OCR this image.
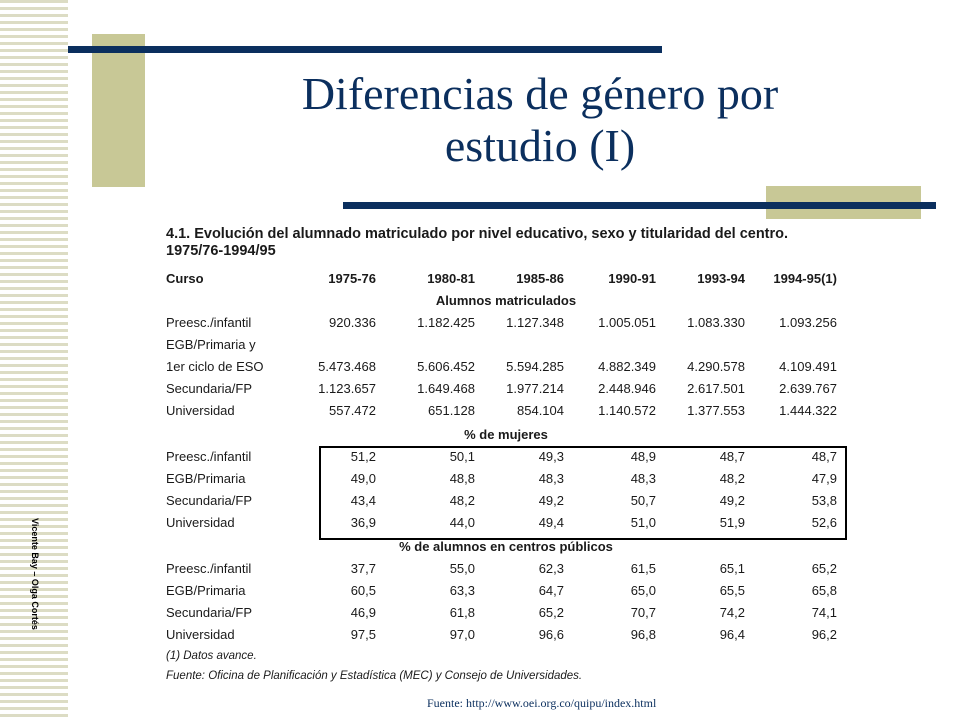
Diferencias de género por
estudio (I)
Vicente Bay – Olga Cortés
4.1. Evolución del alumnado matriculado por nivel educativo, sexo y titularidad del centro. 1975/76-1994/95
Curso	1975-76	1980-81	1985-86	1990-91	1993-94	1994-95(1)
Alumnos matriculados
Preesc./infantil	920.336	1.182.425	1.127.348	1.005.051	1.083.330	1.093.256
EGB/Primaria y
1er ciclo de ESO	5.473.468	5.606.452	5.594.285	4.882.349	4.290.578	4.109.491
Secundaria/FP	1.123.657	1.649.468	1.977.214	2.448.946	2.617.501	2.639.767
Universidad	557.472	651.128	854.104	1.140.572	1.377.553	1.444.322
% de mujeres
Preesc./infantil	51,2	50,1	49,3	48,9	48,7	48,7
EGB/Primaria	49,0	48,8	48,3	48,3	48,2	47,9
Secundaria/FP	43,4	48,2	49,2	50,7	49,2	53,8
Universidad	36,9	44,0	49,4	51,0	51,9	52,6
% de alumnos en centros públicos
Preesc./infantil	37,7	55,0	62,3	61,5	65,1	65,2
EGB/Primaria	60,5	63,3	64,7	65,0	65,5	65,8
Secundaria/FP	46,9	61,8	65,2	70,7	74,2	74,1
Universidad	97,5	97,0	96,6	96,8	96,4	96,2
(1) Datos avance.
Fuente: Oficina de Planificación y Estadística (MEC) y Consejo de Universidades.
Fuente: http://www.oei.org.co/quipu/index.html
